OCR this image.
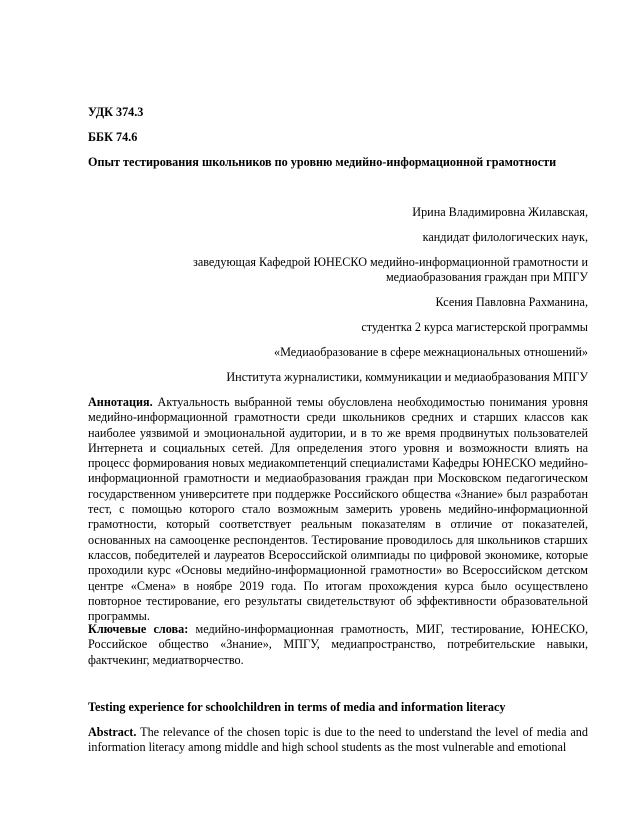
УДК 374.3
ББК 74.6
Опыт тестирования школьников по уровню медийно-информационной грамотности
Ирина Владимировна Жилавская,
кандидат филологических наук,
заведующая Кафедрой ЮНЕСКО медийно-информационной грамотности и
медиаобразования граждан при МПГУ
Ксения Павловна Рахманина,
студентка 2 курса магистерской программы
«Медиаобразование в сфере межнациональных отношений»
Института журналистики, коммуникации и медиаобразования МПГУ
Аннотация. Актуальность выбранной темы обусловлена необходимостью понимания уровня медийно-информационной грамотности среди школьников средних и старших классов как наиболее уязвимой и эмоциональной аудитории, и в то же время продвинутых пользователей Интернета и социальных сетей. Для определения этого уровня и возможности влиять на процесс формирования новых медиакомпетенций специалистами Кафедры ЮНЕСКО медийно-информационной грамотности и медиаобразования граждан при Московском педагогическом государственном университете при поддержке Российского общества «Знание» был разработан тест, с помощью которого стало возможным замерить уровень медийно-информационной грамотности, который соответствует реальным показателям в отличие от показателей, основанных на самооценке респондентов. Тестирование проводилось для школьников старших классов, победителей и лауреатов Всероссийской олимпиады по цифровой экономике, которые проходили курс «Основы медийно-информационной грамотности» во Всероссийском детском центре «Смена» в ноябре 2019 года. По итогам прохождения курса было осуществлено повторное тестирование, его результаты свидетельствуют об эффективности образовательной программы.
Ключевые слова: медийно-информационная грамотность, МИГ, тестирование, ЮНЕСКО, Российское общество «Знание», МПГУ, медиапространство, потребительские навыки, фактчекинг, медиатворчество.
Testing experience for schoolchildren in terms of media and information literacy
Abstract. The relevance of the chosen topic is due to the need to understand the level of media and information literacy among middle and high school students as the most vulnerable and emotional
